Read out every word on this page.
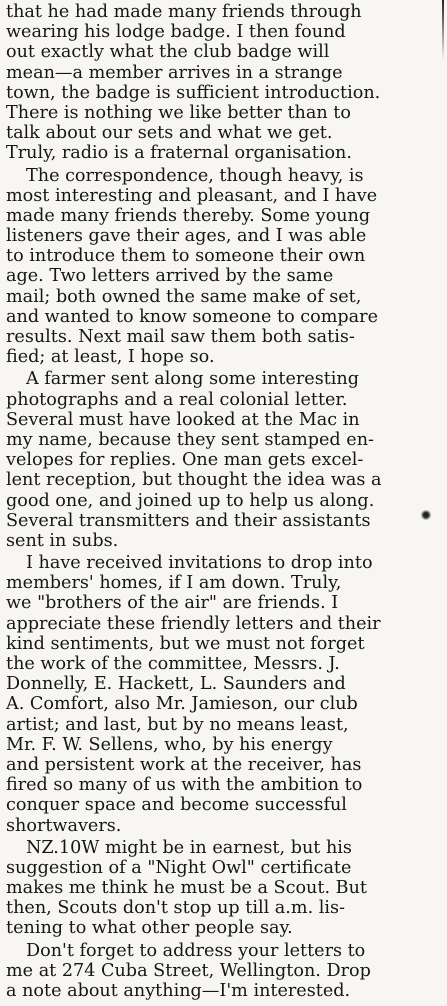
that he had made many friends through
wearing his lodge badge. I then found
out exactly what the club badge will
mean—a member arrives in a strange
town, the badge is sufficient introduction.
There is nothing we like better than to
talk about our sets and what we get.
Truly, radio is a fraternal organisation.
The correspondence, though heavy, is
most interesting and pleasant, and I have
made many friends thereby. Some young
listeners gave their ages, and I was able
to introduce them to someone their own
age. Two letters arrived by the same
mail; both owned the same make of set,
and wanted to know someone to compare
results. Next mail saw them both satis-
fied; at least, I hope so.
A farmer sent along some interesting
photographs and a real colonial letter.
Several must have looked at the Mac in
my name, because they sent stamped en-
velopes for replies. One man gets excel-
lent reception, but thought the idea was a
good one, and joined up to help us along.
Several transmitters and their assistants
sent in subs.
I have received invitations to drop into
members' homes, if I am down. Truly,
we "brothers of the air" are friends. I
appreciate these friendly letters and their
kind sentiments, but we must not forget
the work of the committee, Messrs. J.
Donnelly, E. Hackett, L. Saunders and
A. Comfort, also Mr. Jamieson, our club
artist; and last, but by no means least,
Mr. F. W. Sellens, who, by his energy
and persistent work at the receiver, has
fired so many of us with the ambition to
conquer space and become successful
shortwavers.
NZ.10W might be in earnest, but his
suggestion of a "Night Owl" certificate
makes me think he must be a Scout. But
then, Scouts don't stop up till a.m. lis-
tening to what other people say.
Don't forget to address your letters to
me at 274 Cuba Street, Wellington. Drop
a note about anything—I'm interested.
